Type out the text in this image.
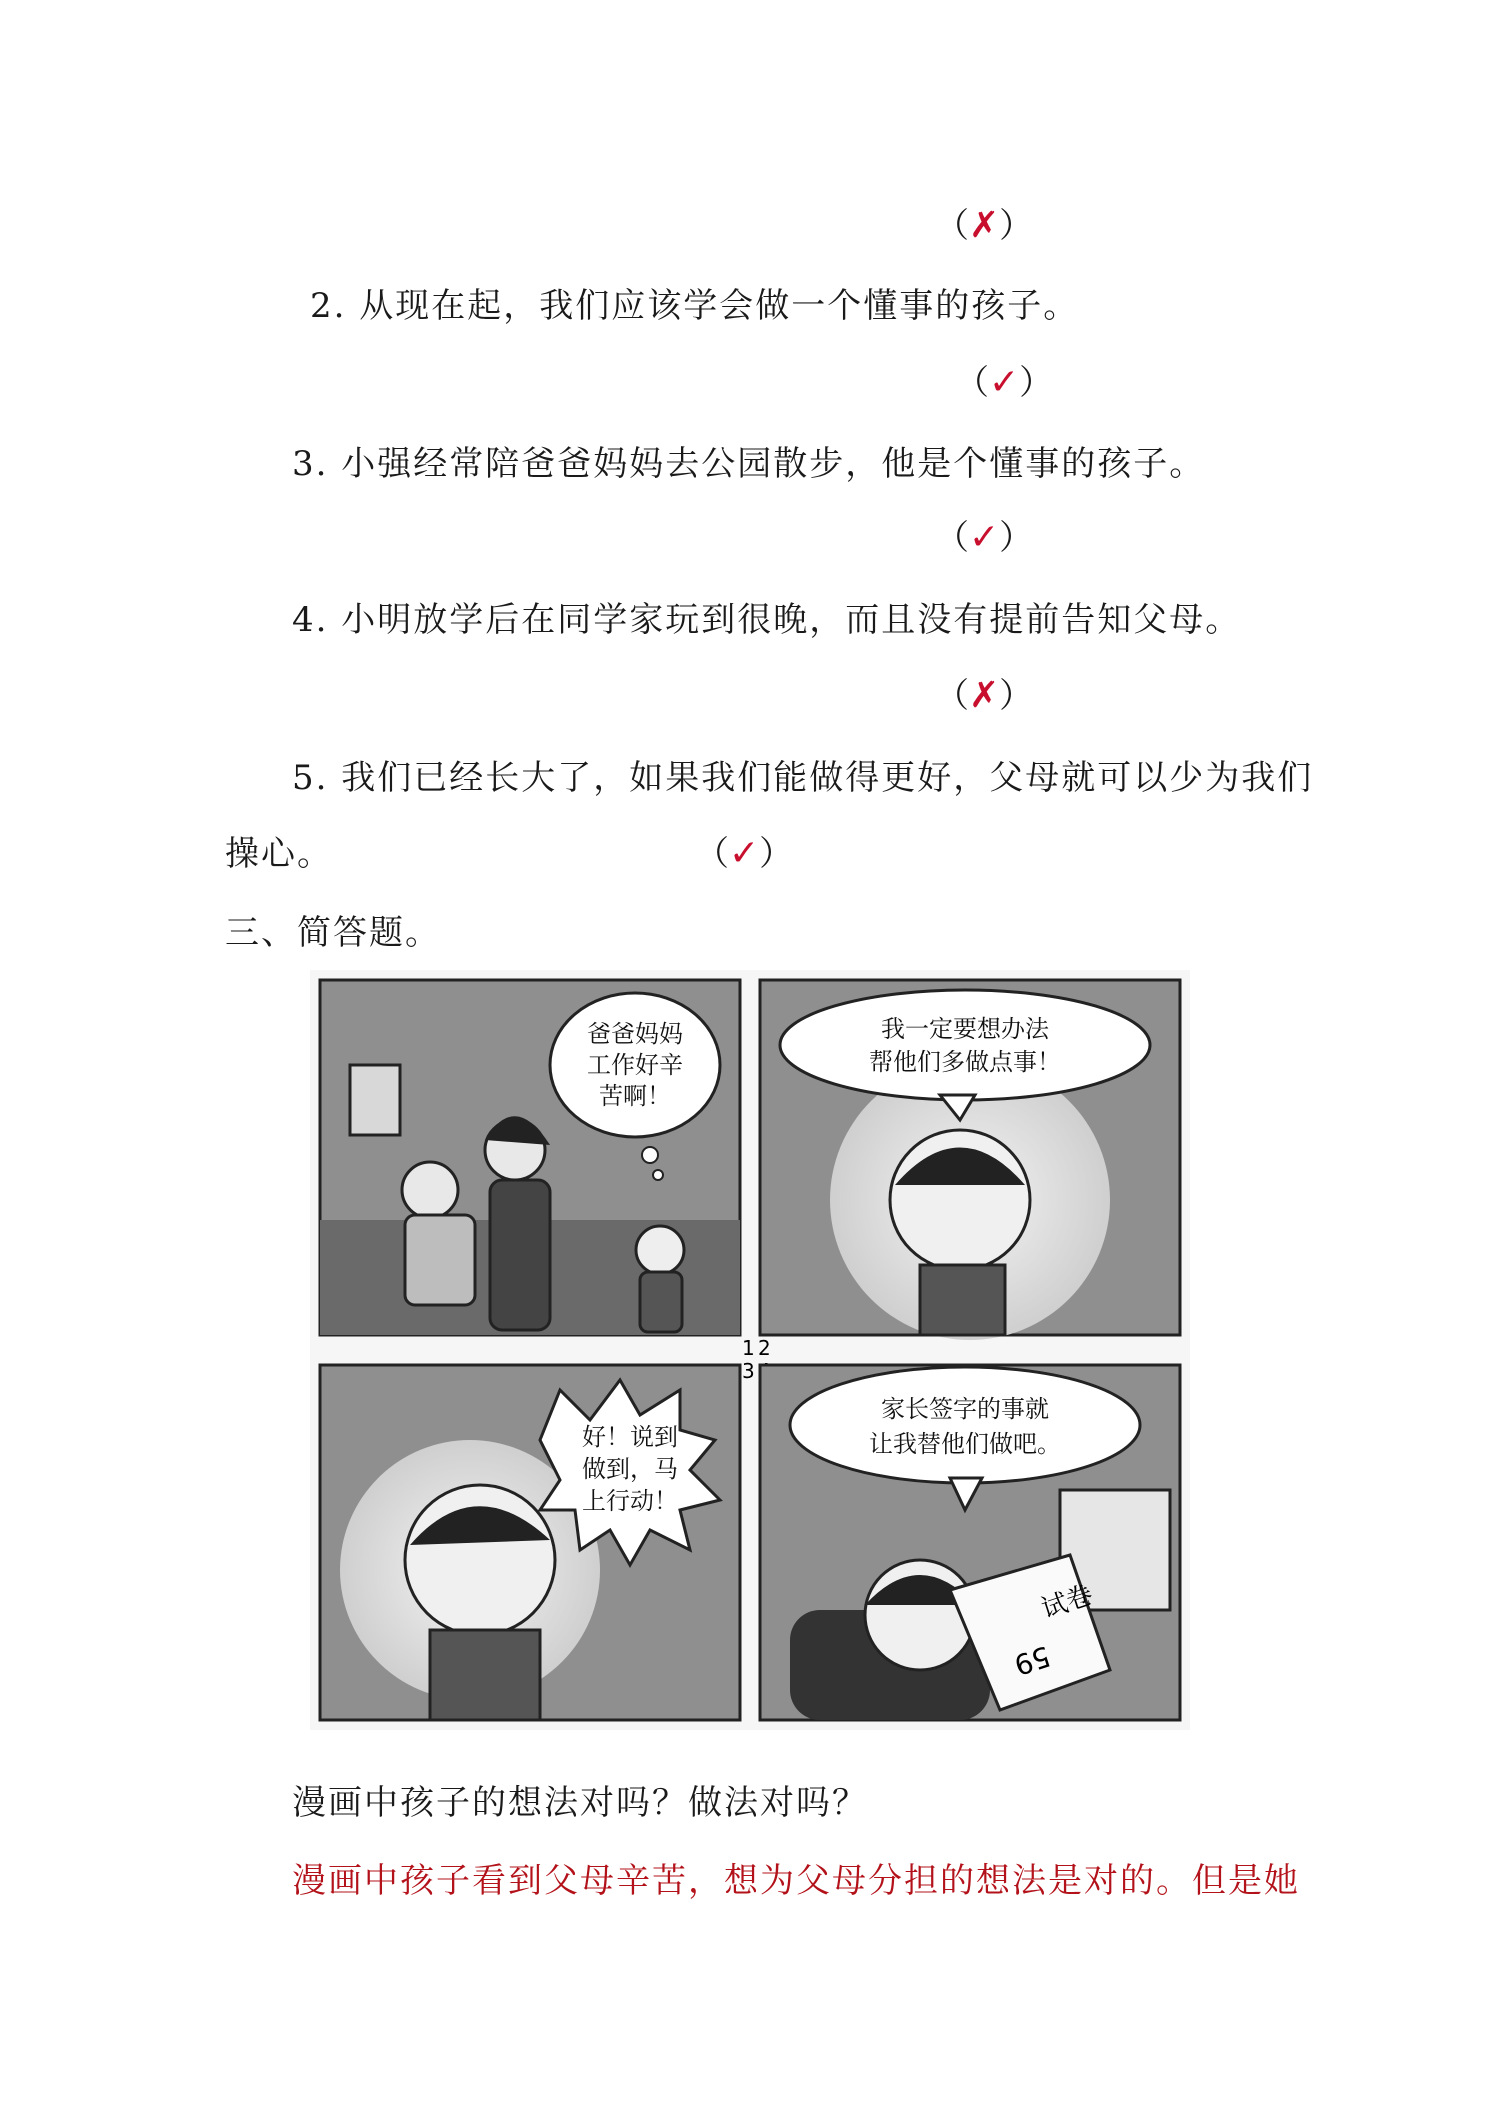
（✗）
2. 从现在起，我们应该学会做一个懂事的孩子。
（✓）
3. 小强经常陪爸爸妈妈去公园散步，他是个懂事的孩子。
（✓）
4. 小明放学后在同学家玩到很晚，而且没有提前告知父母。
（✗）
5. 我们已经长大了，如果我们能做得更好，父母就可以少为我们
操心。	（✓）
三、简答题。
爸爸妈妈
工作好辛
苦啊！
我一定要想办法
帮他们多做点事！
1 2
3
好！说到
做到，马
上行动！
试卷
59
家长签字的事就
让我替他们做吧。
漫画中孩子的想法对吗？做法对吗？
漫画中孩子看到父母辛苦，想为父母分担的想法是对的。但是她
